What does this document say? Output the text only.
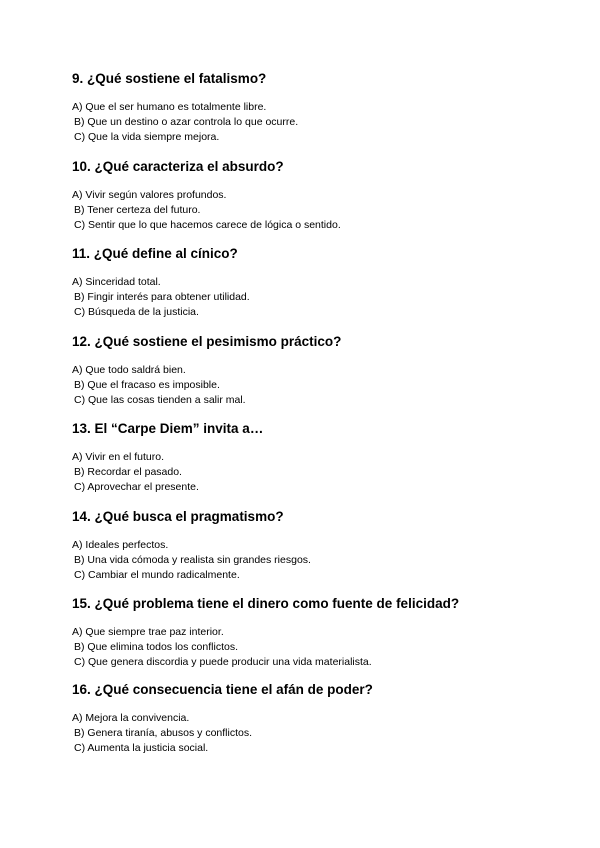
9. ¿Qué sostiene el fatalismo?
A) Que el ser humano es totalmente libre.
B) Que un destino o azar controla lo que ocurre.
C) Que la vida siempre mejora.
10. ¿Qué caracteriza el absurdo?
A) Vivir según valores profundos.
B) Tener certeza del futuro.
C) Sentir que lo que hacemos carece de lógica o sentido.
11. ¿Qué define al cínico?
A) Sinceridad total.
B) Fingir interés para obtener utilidad.
C) Búsqueda de la justicia.
12. ¿Qué sostiene el pesimismo práctico?
A) Que todo saldrá bien.
B) Que el fracaso es imposible.
C) Que las cosas tienden a salir mal.
13. El “Carpe Diem” invita a…
A) Vivir en el futuro.
B) Recordar el pasado.
C) Aprovechar el presente.
14. ¿Qué busca el pragmatismo?
A) Ideales perfectos.
B) Una vida cómoda y realista sin grandes riesgos.
C) Cambiar el mundo radicalmente.
15. ¿Qué problema tiene el dinero como fuente de felicidad?
A) Que siempre trae paz interior.
B) Que elimina todos los conflictos.
C) Que genera discordia y puede producir una vida materialista.
16. ¿Qué consecuencia tiene el afán de poder?
A) Mejora la convivencia.
B) Genera tiranía, abusos y conflictos.
C) Aumenta la justicia social.
